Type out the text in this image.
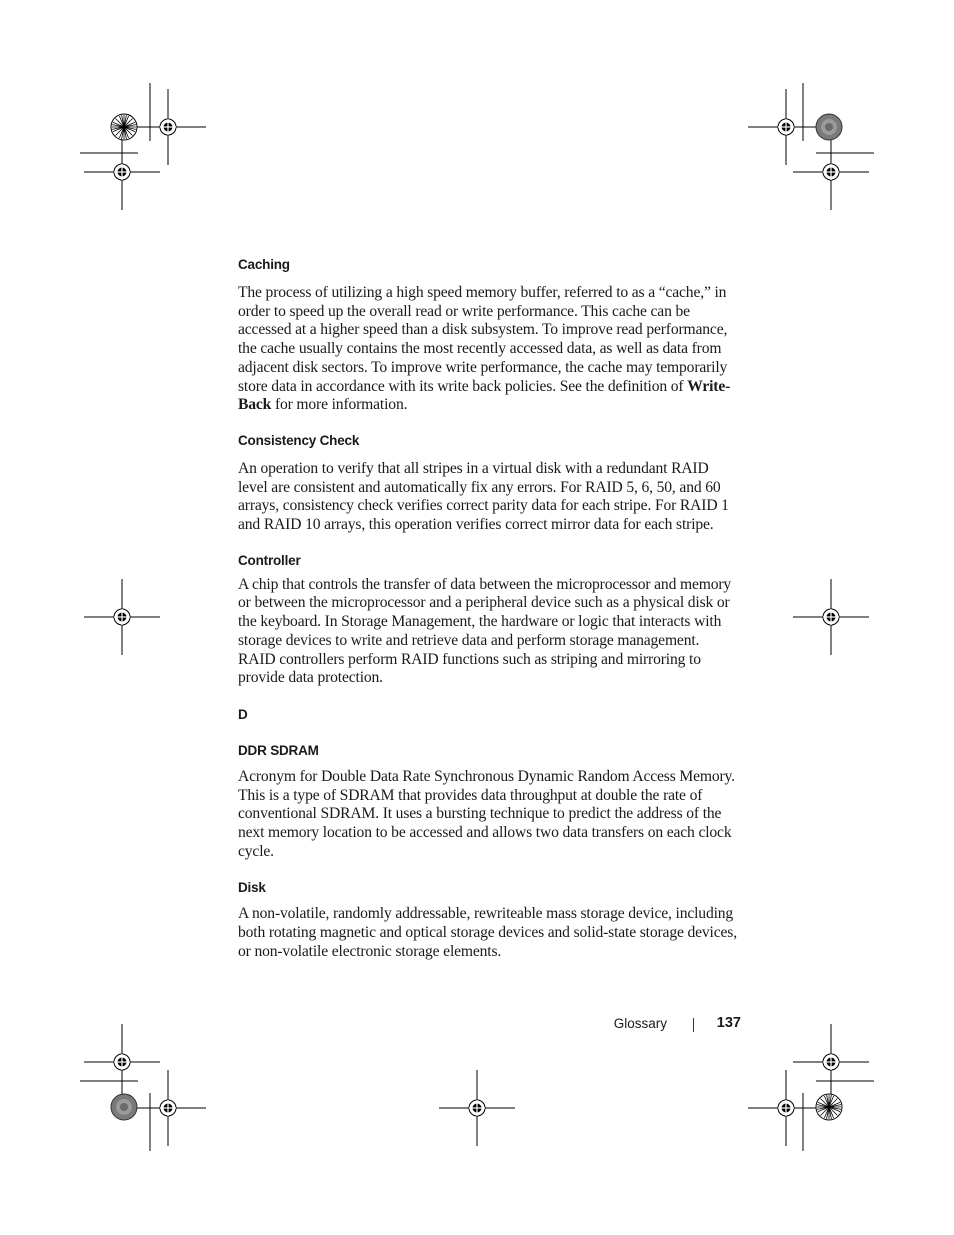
Caching

The process of utilizing a high speed memory buffer, referred to as a “cache,” in order to speed up the overall read or write performance. This cache can be accessed at a higher speed than a disk subsystem. To improve read performance, the cache usually contains the most recently accessed data, as well as data from adjacent disk sectors. To improve write performance, the cache may temporarily store data in accordance with its write back policies. See the definition of Write-Back for more information.

Consistency Check

An operation to verify that all stripes in a virtual disk with a redundant RAID level are consistent and automatically fix any errors. For RAID 5, 6, 50, and 60 arrays, consistency check verifies correct parity data for each stripe. For RAID 1 and RAID 10 arrays, this operation verifies correct mirror data for each stripe.

Controller

A chip that controls the transfer of data between the microprocessor and memory or between the microprocessor and a peripheral device such as a physical disk or the keyboard. In Storage Management, the hardware or logic that interacts with storage devices to write and retrieve data and perform storage management. RAID controllers perform RAID functions such as striping and mirroring to provide data protection.

D
DDR SDRAM

Acronym for Double Data Rate Synchronous Dynamic Random Access Memory. This is a type of SDRAM that provides data throughput at double the rate of conventional SDRAM. It uses a bursting technique to predict the address of the next memory location to be accessed and allows two data transfers on each clock cycle.

Disk

A non-volatile, randomly addressable, rewriteable mass storage device, including both rotating magnetic and optical storage devices and solid-state storage devices, or non-volatile electronic storage elements.

Glossary	137
